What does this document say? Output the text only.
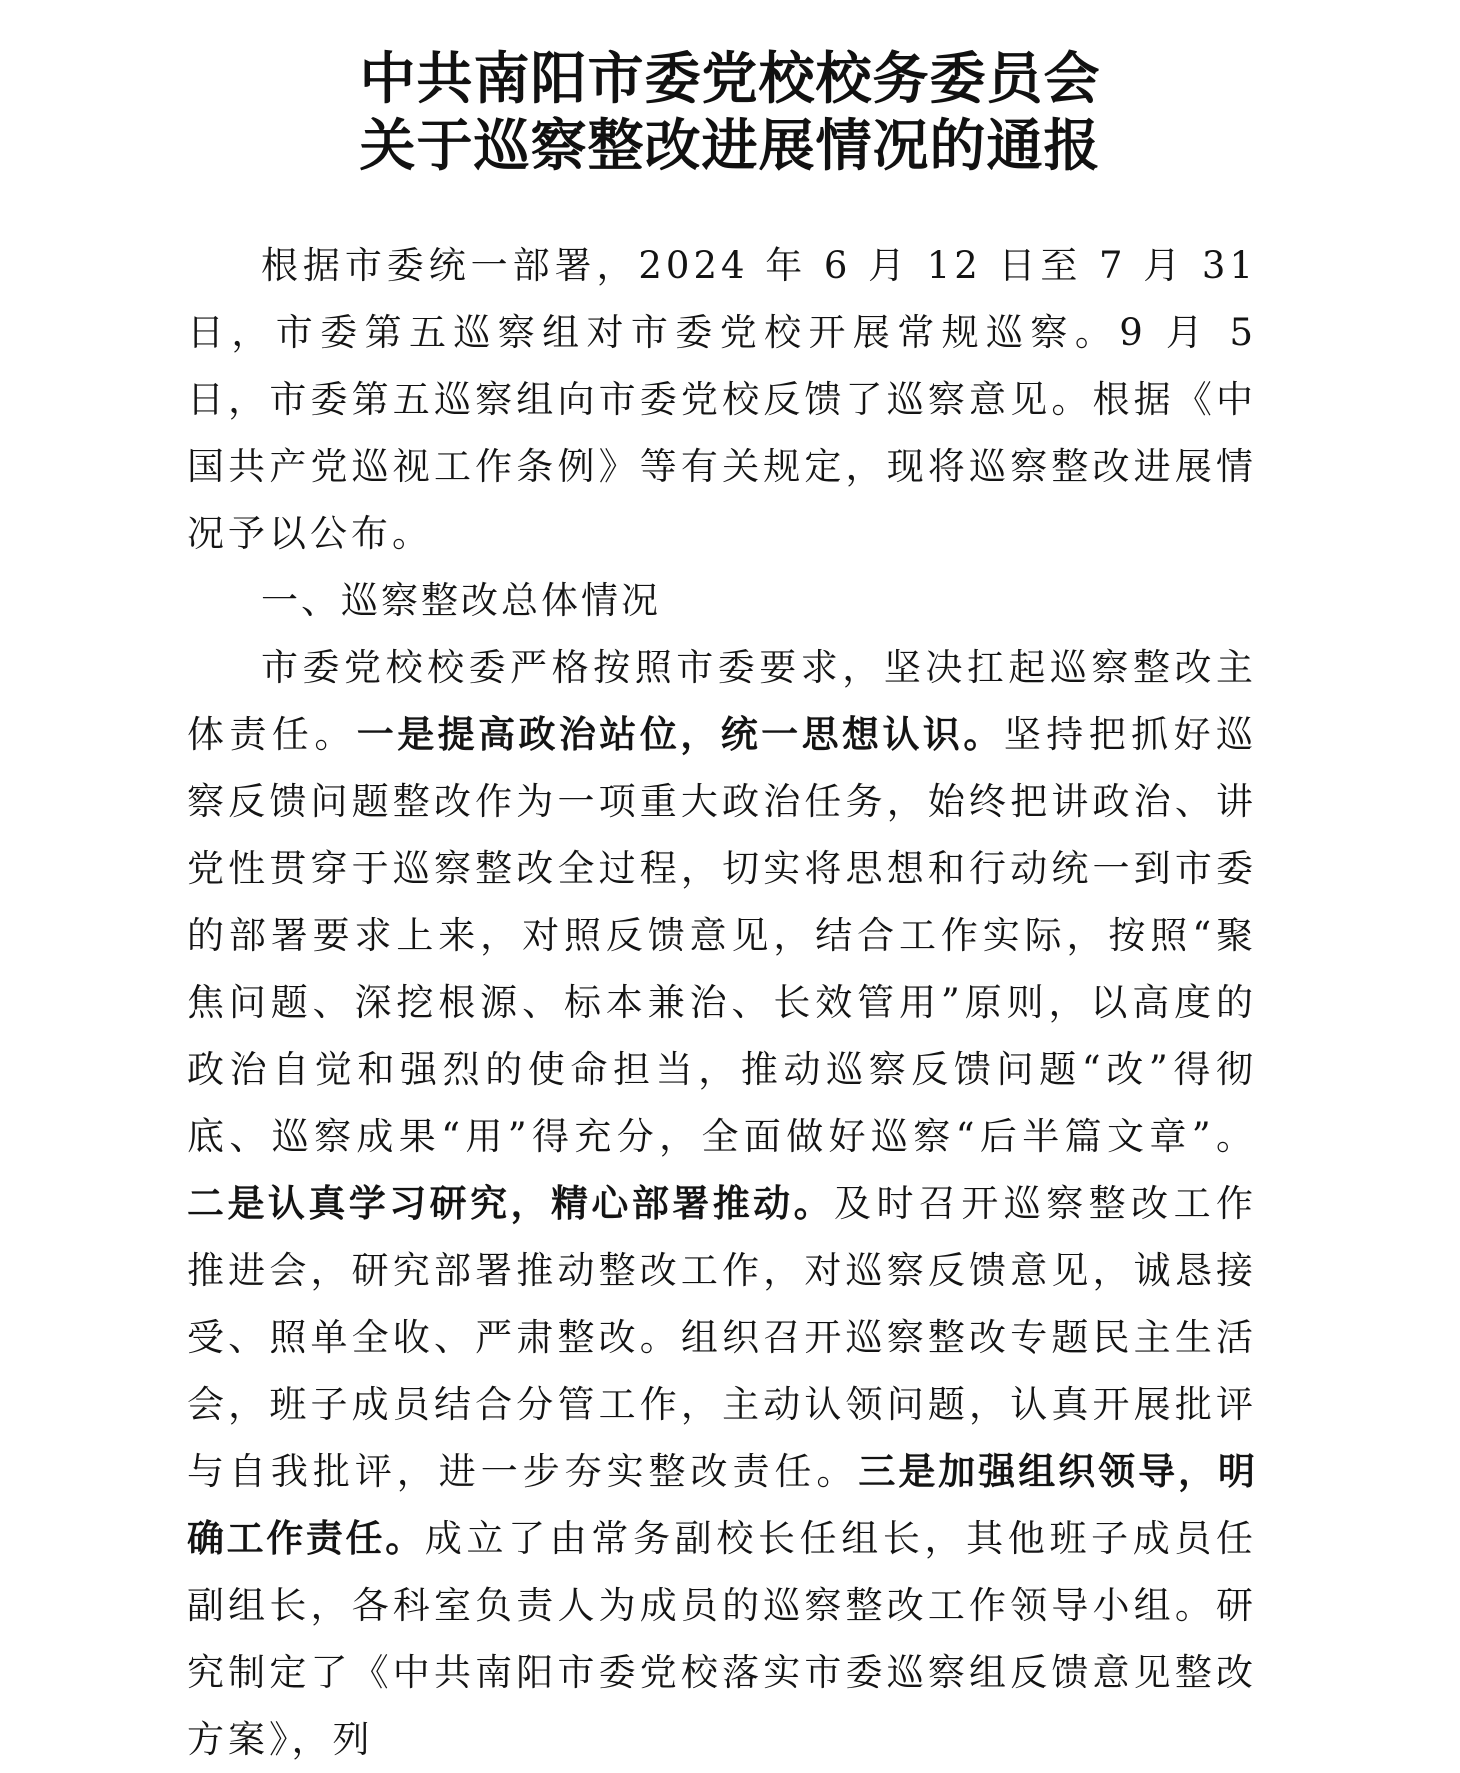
中共南阳市委党校校务委员会
关于巡察整改进展情况的通报

根据市委统一部署，2024 年 6 月 12 日至 7 月 31 日，市委第五巡察组对市委党校开展常规巡察。9 月 5 日，市委第五巡察组向市委党校反馈了巡察意见。根据《中国共产党巡视工作条例》等有关规定，现将巡察整改进展情况予以公布。

一、巡察整改总体情况

市委党校校委严格按照市委要求，坚决扛起巡察整改主体责任。一是提高政治站位，统一思想认识。坚持把抓好巡察反馈问题整改作为一项重大政治任务，始终把讲政治、讲党性贯穿于巡察整改全过程，切实将思想和行动统一到市委的部署要求上来，对照反馈意见，结合工作实际，按照“聚焦问题、深挖根源、标本兼治、长效管用”原则，以高度的政治自觉和强烈的使命担当，推动巡察反馈问题“改”得彻底、巡察成果“用”得充分，全面做好巡察“后半篇文章”。二是认真学习研究，精心部署推动。及时召开巡察整改工作推进会，研究部署推动整改工作，对巡察反馈意见，诚恳接受、照单全收、严肃整改。组织召开巡察整改专题民主生活会，班子成员结合分管工作，主动认领问题，认真开展批评与自我批评，进一步夯实整改责任。三是加强组织领导，明确工作责任。成立了由常务副校长任组长，其他班子成员任副组长，各科室负责人为成员的巡察整改工作领导小组。研究制定了《中共南阳市委党校落实市委巡察组反馈意见整改方案》，列
